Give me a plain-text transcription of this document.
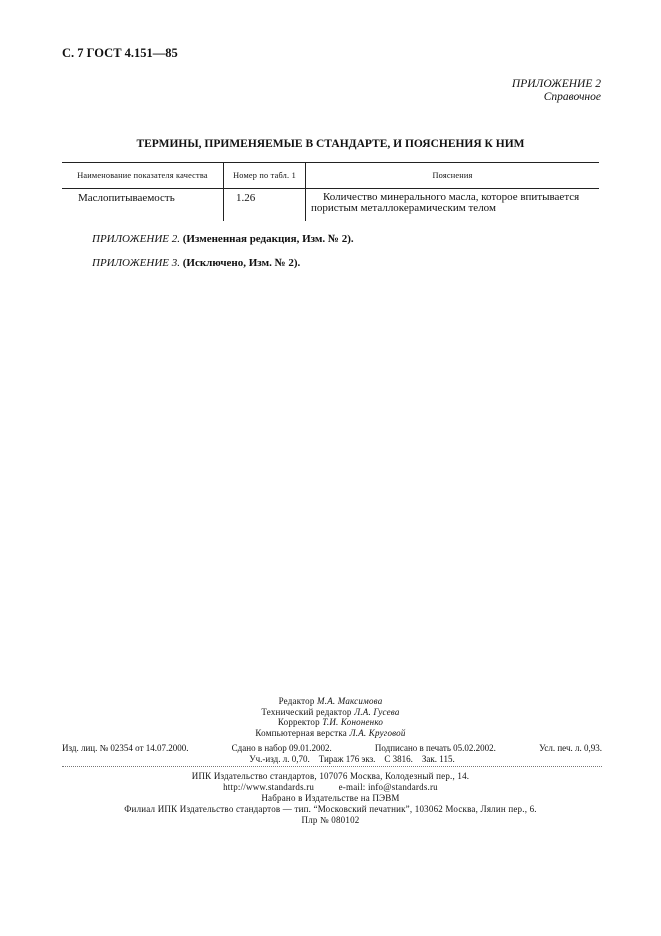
С. 7 ГОСТ 4.151—85
ПРИЛОЖЕНИЕ 2
Справочное
ТЕРМИНЫ, ПРИМЕНЯЕМЫЕ В СТАНДАРТЕ, И ПОЯСНЕНИЯ К НИМ
Наименование показателя качества	Номер по табл. 1	Пояснения
Маслопитываемость	1.26	Количество минерального масла, которое впитывается
пористым металлокерамическим телом
ПРИЛОЖЕНИЕ 2. (Измененная редакция, Изм. № 2).
ПРИЛОЖЕНИЕ 3. (Исключено, Изм. № 2).
Редактор М.А. Максимова
Технический редактор Л.А. Гусева
Корректор Т.И. Кононенко
Компьютерная верстка Л.А. Круговой
Изд. лиц. № 02354 от 14.07.2000.	Сдано в набор 09.01.2002.	Подписано в печать 05.02.2002.	Усл. печ. л. 0,93.
Уч.-изд. л. 0,70.    Тираж 176 экз.    С 3816.    Зак. 115.
ИПК Издательство стандартов, 107076 Москва, Колодезный пер., 14.
http://www.standards.ru          e-mail: info@standards.ru
Набрано в Издательстве на ПЭВМ
Филиал ИПК Издательство стандартов — тип. “Московский печатник”, 103062 Москва, Лялин пер., 6.
Плр № 080102
